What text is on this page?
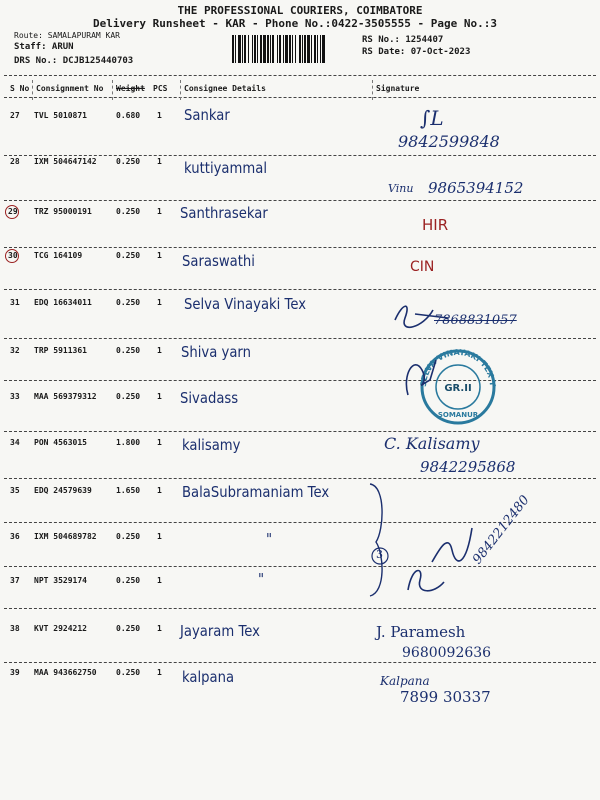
THE PROFESSIONAL COURIERS, COIMBATORE
Delivery Runsheet - KAR - Phone No.:0422-3505555 - Page No.:3
Route: SAMALAPURAM KAR
Staff: ARUN
DRS No.: DCJB125440703
RS No.: 1254407
RS Date: 07-Oct-2023
S No Consignment No Weight PCS Consignee Details	Signature
27 TVL 5010871	0.680 1 Sankar	∫𝐿
9842599848
28 IXM 504647142 0.250 1 kuttiyammal
Vinu 9865394152
29 TRZ 95000191	0.250 1 Santhrasekar
HIR
30 TCG 164109	0.250 1 Saraswathi	CIN
31 EDQ 16634011	0.250 1 Selva Vinayaki Tex
7868831057
32 TRP 5911361	0.250 1 Shiva yarn
33 MAA 569379312 0.250 1 Sivadass
SELVA VINAYAKI TEX YARN
GR.II
SOMANUR
34 PON 4563015	1.800 1 kalisamy	C. Kalisamy
9842295868
35 EDQ 24579639	1.650 1 BalaSubramaniam Tex
36 IXM 504689782 0.250 1	"
37 NPT 3529174	0.250 1	"
3	9842212480
38 KVT 2924212	0.250 1 Jayaram Tex	J. Paramesh
9680092636
39 MAA 943662750 0.250 1 kalpana	Kalpana
7899 30337
